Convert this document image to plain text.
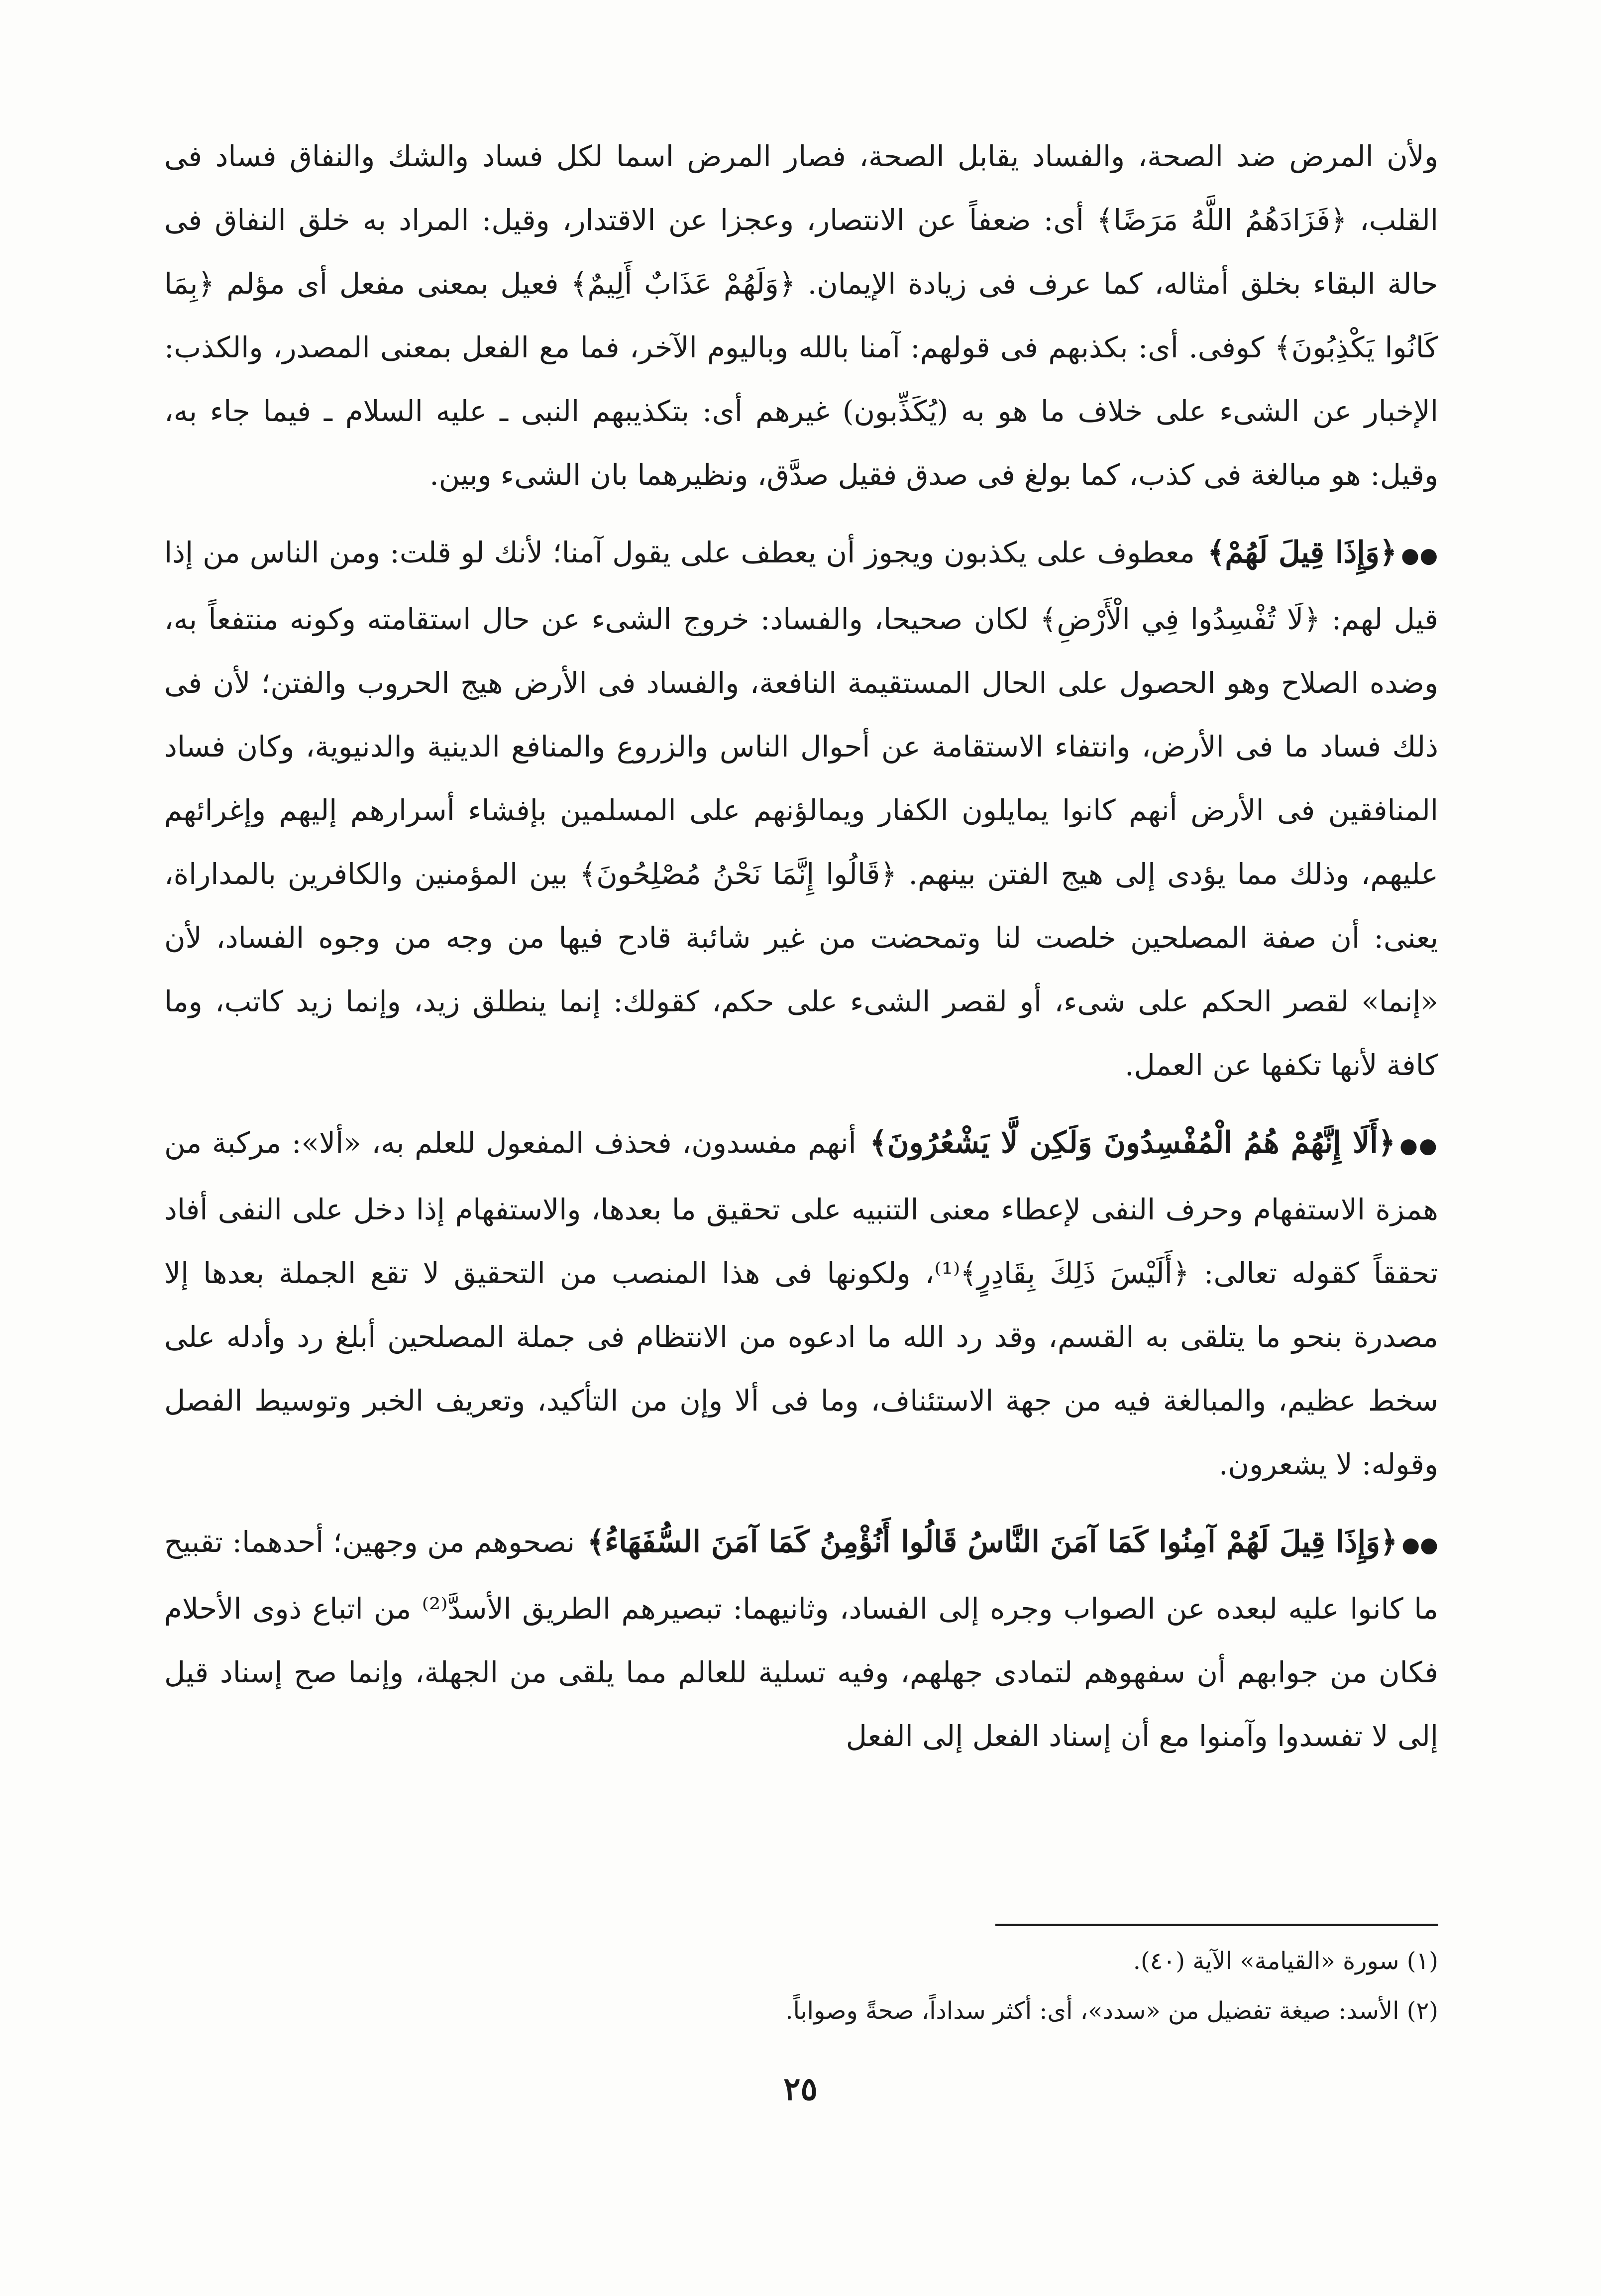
ولأن المرض ضد الصحة، والفساد يقابل الصحة، فصار المرض اسما لكل فساد والشك والنفاق فساد فى القلب، ﴿فَزَادَهُمُ اللَّهُ مَرَضًا﴾ أى: ضعفاً عن الانتصار، وعجزا عن الاقتدار، وقيل: المراد به خلق النفاق فى حالة البقاء بخلق أمثاله، كما عرف فى زيادة الإيمان. ﴿وَلَهُمْ عَذَابٌ أَلِيمٌ﴾ فعيل بمعنى مفعل أى مؤلم ﴿بِمَا كَانُوا يَكْذِبُونَ﴾ كوفى. أى: بكذبهم فى قولهم: آمنا بالله وباليوم الآخر، فما مع الفعل بمعنى المصدر، والكذب: الإخبار عن الشىء على خلاف ما هو به (يُكَذِّبون) غيرهم أى: بتكذيبهم النبى ـ عليه السلام ـ فيما جاء به، وقيل: هو مبالغة فى كذب، كما بولغ فى صدق فقيل صدَّق، ونظيرهما بان الشىء وبين.

●●﴿وَإِذَا قِيلَ لَهُمْ﴾ معطوف على يكذبون ويجوز أن يعطف على يقول آمنا؛ لأنك لو قلت: ومن الناس من إذا قيل لهم: ﴿لَا تُفْسِدُوا فِي الْأَرْضِ﴾ لكان صحيحا، والفساد: خروج الشىء عن حال استقامته وكونه منتفعاً به، وضده الصلاح وهو الحصول على الحال المستقيمة النافعة، والفساد فى الأرض هيج الحروب والفتن؛ لأن فى ذلك فساد ما فى الأرض، وانتفاء الاستقامة عن أحوال الناس والزروع والمنافع الدينية والدنيوية، وكان فساد المنافقين فى الأرض أنهم كانوا يمايلون الكفار ويمالؤنهم على المسلمين بإفشاء أسرارهم إليهم وإغرائهم عليهم، وذلك مما يؤدى إلى هيج الفتن بينهم. ﴿قَالُوا إِنَّمَا نَحْنُ مُصْلِحُونَ﴾ بين المؤمنين والكافرين بالمداراة، يعنى: أن صفة المصلحين خلصت لنا وتمحضت من غير شائبة قادح فيها من وجه من وجوه الفساد، لأن «إنما» لقصر الحكم على شىء، أو لقصر الشىء على حكم، كقولك: إنما ينطلق زيد، وإنما زيد كاتب، وما كافة لأنها تكفها عن العمل.

●●﴿أَلَا إِنَّهُمْ هُمُ الْمُفْسِدُونَ وَلَكِن لَّا يَشْعُرُونَ﴾ أنهم مفسدون، فحذف المفعول للعلم به، «ألا»: مركبة من همزة الاستفهام وحرف النفى لإعطاء معنى التنبيه على تحقيق ما بعدها، والاستفهام إذا دخل على النفى أفاد تحققاً كقوله تعالى: ﴿أَلَيْسَ ذَلِكَ بِقَادِرٍ﴾⁽¹⁾، ولكونها فى هذا المنصب من التحقيق لا تقع الجملة بعدها إلا مصدرة بنحو ما يتلقى به القسم، وقد رد الله ما ادعوه من الانتظام فى جملة المصلحين أبلغ رد وأدله على سخط عظيم، والمبالغة فيه من جهة الاستئناف، وما فى ألا وإن من التأكيد، وتعريف الخبر وتوسيط الفصل وقوله: لا يشعرون.

●●﴿وَإِذَا قِيلَ لَهُمْ آمِنُوا كَمَا آمَنَ النَّاسُ قَالُوا أَنُؤْمِنُ كَمَا آمَنَ السُّفَهَاءُ﴾ نصحوهم من وجهين؛ أحدهما: تقبيح ما كانوا عليه لبعده عن الصواب وجره إلى الفساد، وثانيهما: تبصيرهم الطريق الأسدَّ⁽²⁾ من اتباع ذوى الأحلام فكان من جوابهم أن سفهوهم لتمادى جهلهم، وفيه تسلية للعالم مما يلقى من الجهلة، وإنما صح إسناد قيل إلى لا تفسدوا وآمنوا مع أن إسناد الفعل إلى الفعل

(١) سورة «القيامة» الآية (٤٠).

(٢) الأسد: صيغة تفضيل من «سدد»، أى: أكثر سداداً، صحةً وصواباً.

٢٥
